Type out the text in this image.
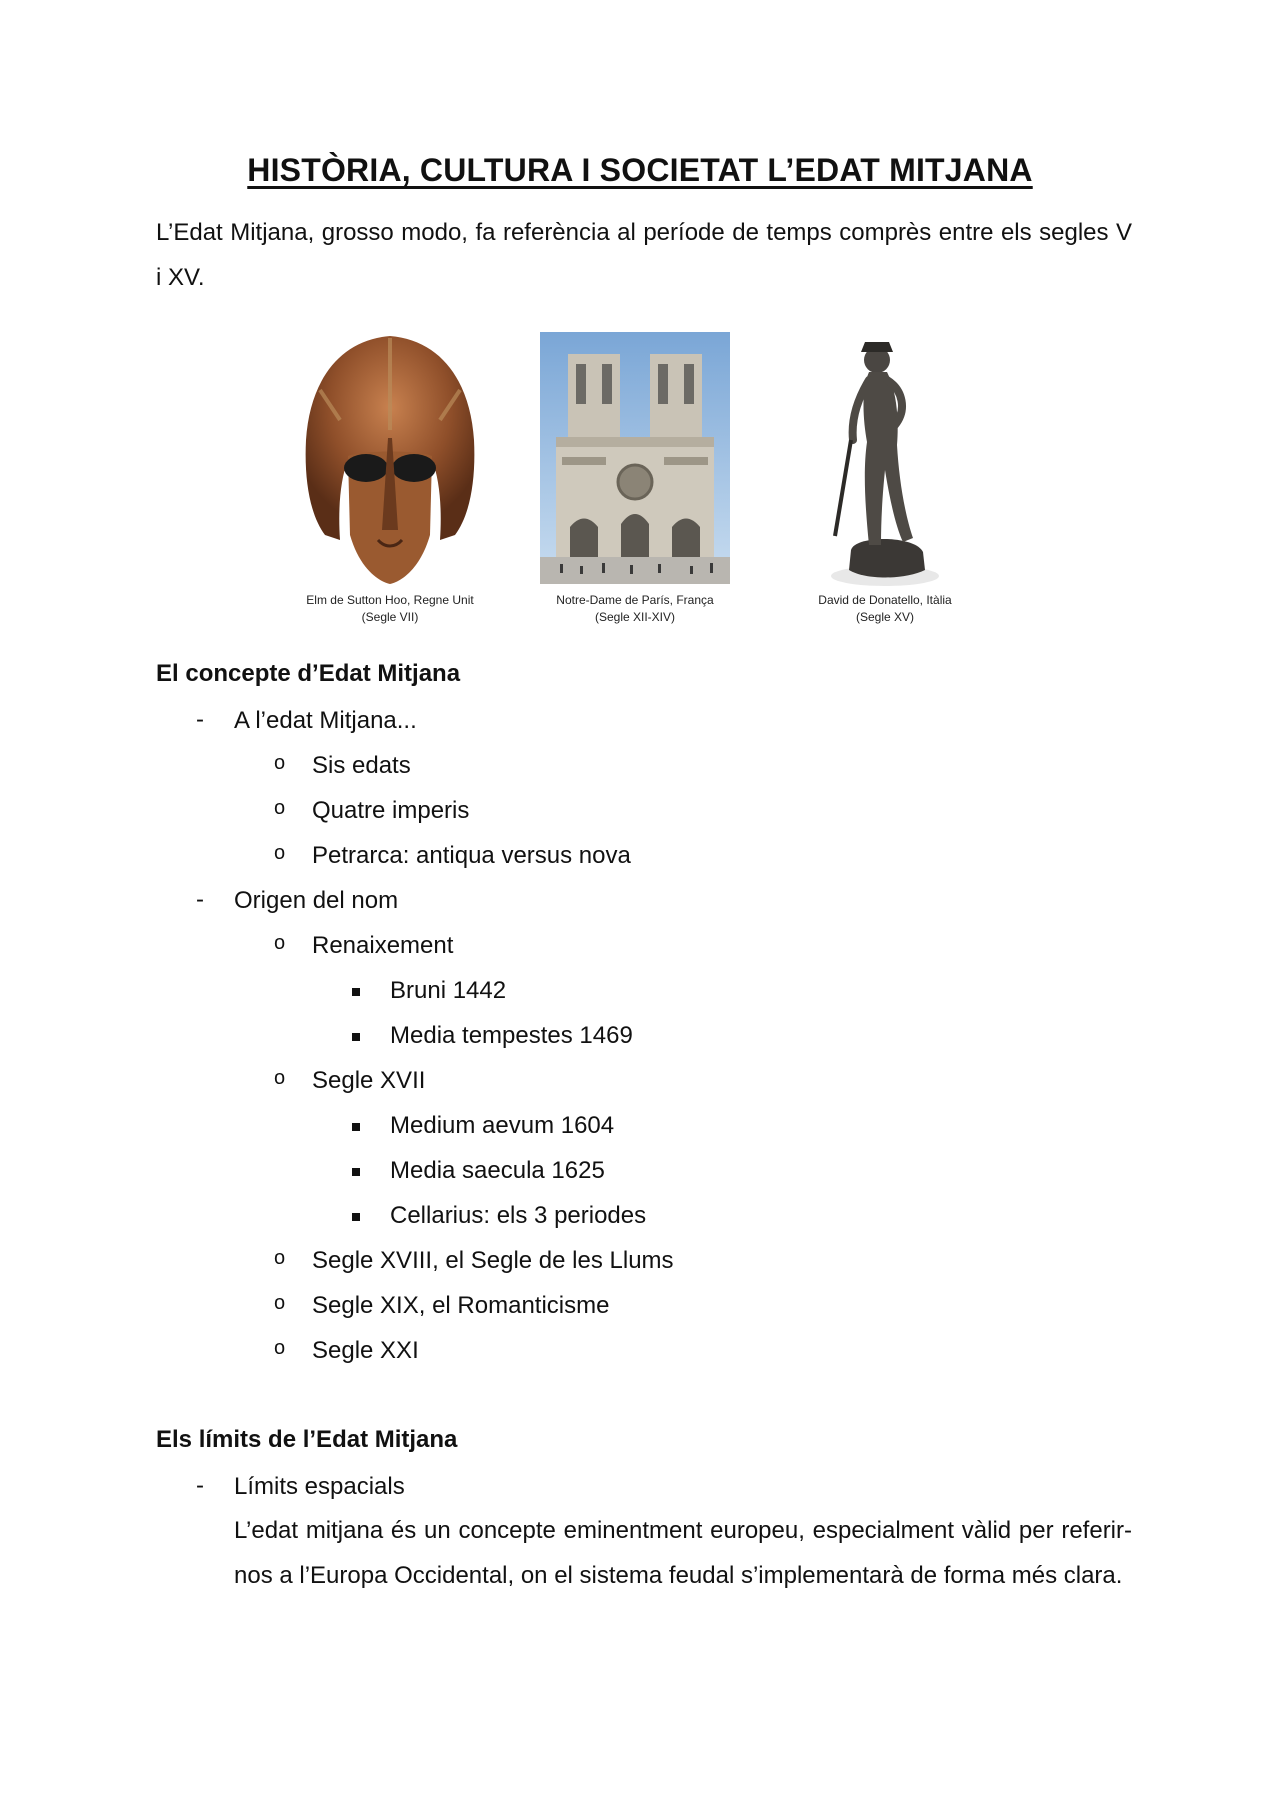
HISTÒRIA, CULTURA I SOCIETAT L’EDAT MITJANA

L’Edat Mitjana, grosso modo, fa referència al període de temps comprès entre els segles V i XV.

Elm de Sutton Hoo, Regne Unit
(Segle VII)
Notre-Dame de París, França
(Segle XII-XIV)
David de Donatello, Itàlia
(Segle XV)
El concepte d’Edat Mitjana
- A l’edat Mitjana...
o Sis edats
o Quatre imperis
o Petrarca: antiqua versus nova
- Origen del nom
o Renaixement
Bruni 1442
Media tempestes 1469
o Segle XVII
Medium aevum 1604
Media saecula 1625
Cellarius: els 3 periodes
o Segle XVIII, el Segle de les Llums
o Segle XIX, el Romanticisme
o Segle XXI
Els límits de l’Edat Mitjana
- Límits espacials

L’edat mitjana és un concepte eminentment europeu, especialment vàlid per referir-nos a l’Europa Occidental, on el sistema feudal s’implementarà de forma més clara.
